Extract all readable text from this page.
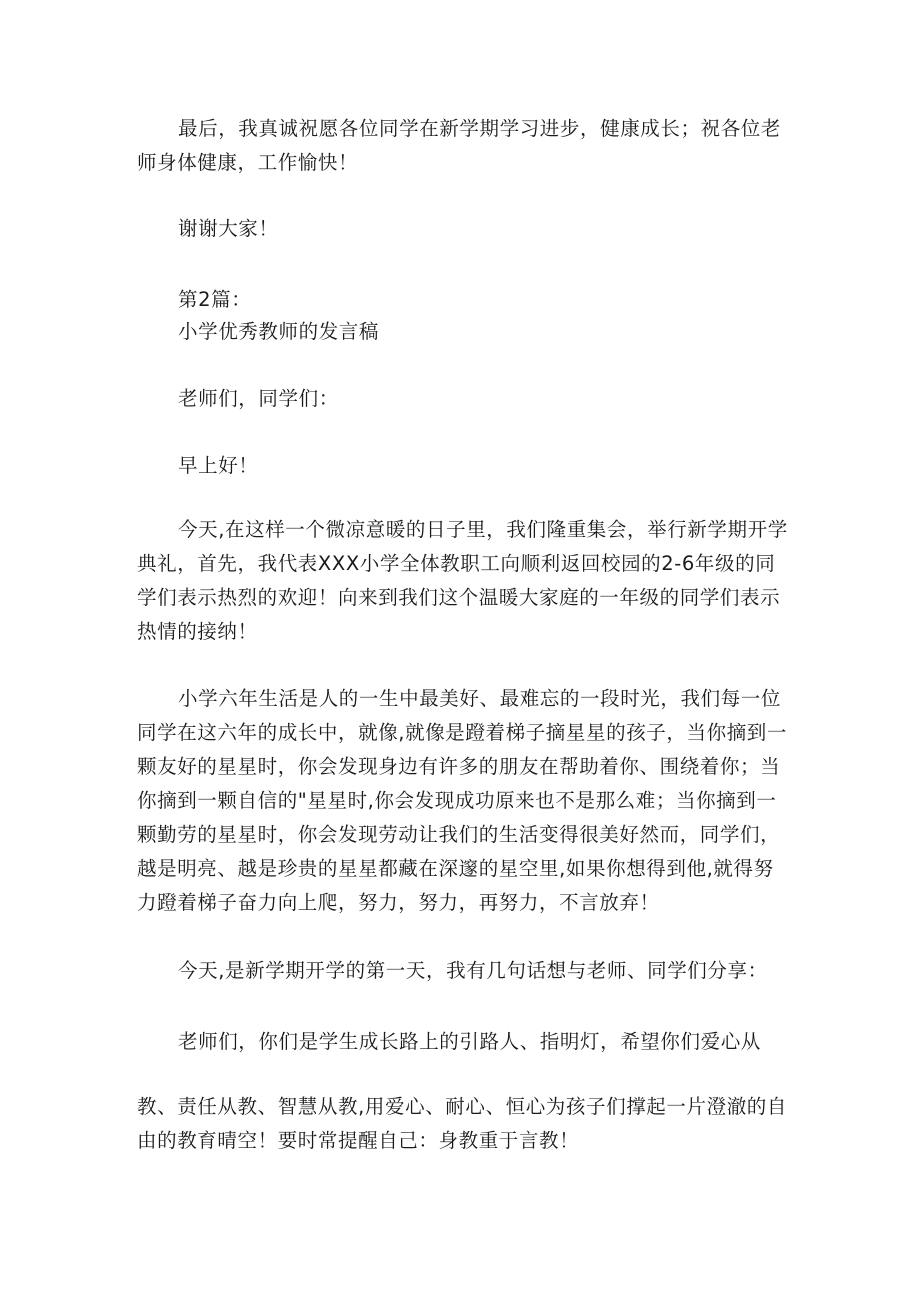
最后，我真诚祝愿各位同学在新学期学习进步，健康成长；祝各位老师身体健康，工作愉快！

谢谢大家！

第2篇：

小学优秀教师的发言稿

老师们，同学们：

早上好！

今天,在这样一个微凉意暖的日子里，我们隆重集会，举行新学期开学典礼，首先，我代表XXX小学全体教职工向顺利返回校园的2-6年级的同学们表示热烈的欢迎！向来到我们这个温暖大家庭的一年级的同学们表示热情的接纳！

小学六年生活是人的一生中最美好、最难忘的一段时光，我们每一位同学在这六年的成长中，就像,就像是蹬着梯子摘星星的孩子，当你摘到一颗友好的星星时，你会发现身边有许多的朋友在帮助着你、围绕着你；当你摘到一颗自信的"星星时,你会发现成功原来也不是那么难；当你摘到一颗勤劳的星星时，你会发现劳动让我们的生活变得很美好然而，同学们，越是明亮、越是珍贵的星星都藏在深邃的星空里,如果你想得到他,就得努力蹬着梯子奋力向上爬，努力，努力，再努力，不言放弃！

今天,是新学期开学的第一天，我有几句话想与老师、同学们分享：

老师们，你们是学生成长路上的引路人、指明灯，希望你们爱心从

教、责任从教、智慧从教,用爱心、耐心、恒心为孩子们撑起一片澄澈的自由的教育晴空！要时常提醒自己：身教重于言教！
